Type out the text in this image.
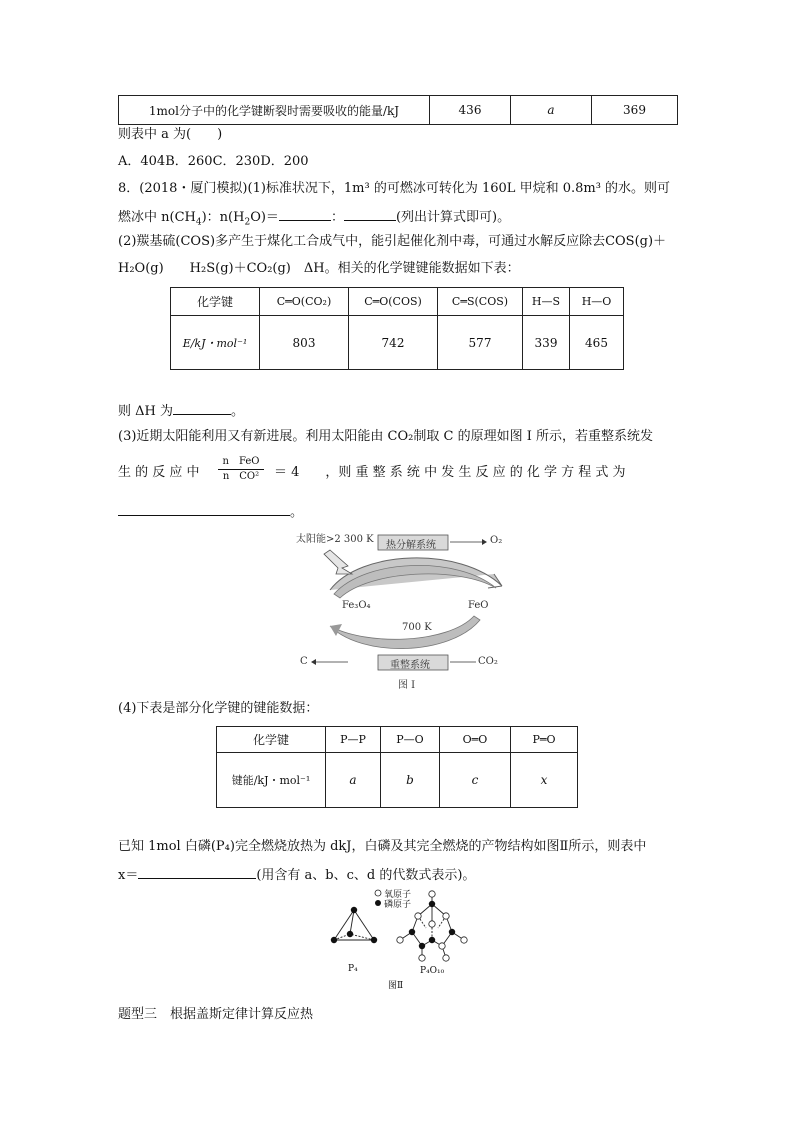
1mol分子中的化学键断裂时需要吸收的能量/kJ	436	a	369
则表中 a 为(　　)
A．404B．260C．230D．200
8．(2018・厦门模拟)(1)标准状况下，1m³ 的可燃冰可转化为 160L 甲烷和 0.8m³ 的水。则可
燃冰中 $n(CH_4)$：$n(H_2O)=$	：	(列出计算式即可)。
(2)羰基硫(COS)多产生于煤化工合成气中，能引起催化剂中毒，可通过水解反应除去COS(g)＋
H₂O(g)　　H₂S(g)＋CO₂(g)　ΔH。相关的化学键键能数据如下表：
化学键	C═O(CO₂)	C═O(COS)	C═S(COS)	H—S	H—O
E/kJ・mol⁻¹	803	742	577	339	465
则 ΔH 为	。
(3)近期太阳能利用又有新进展。利用太阳能由 CO₂制取 C 的原理如图 I 所示，若重整系统发
生 的 反 应 中
n　FeO
n　CO²	＝ 4　　，则 重 整 系 统 中 发 生 反 应 的 化 学 方 程 式 为
。
太阳能>2 300 K
热分解系统	O₂
Fe₃O₄	FeO
700 K
C	重整系统	CO₂
图 I
(4)下表是部分化学键的键能数据：
化学键	P—P	P—O	O═O	P═O
键能/kJ・mol⁻¹	a	b	c	x
已知 1mol 白磷(P₄)完全燃烧放热为 dkJ，白磷及其完全燃烧的产物结构如图Ⅱ所示，则表中
x＝	(用含有 a、b、c、d 的代数式表示)。
氧原子
磷原子
P₄	P₄O₁₀
图Ⅱ
题型三　根据盖斯定律计算反应热
